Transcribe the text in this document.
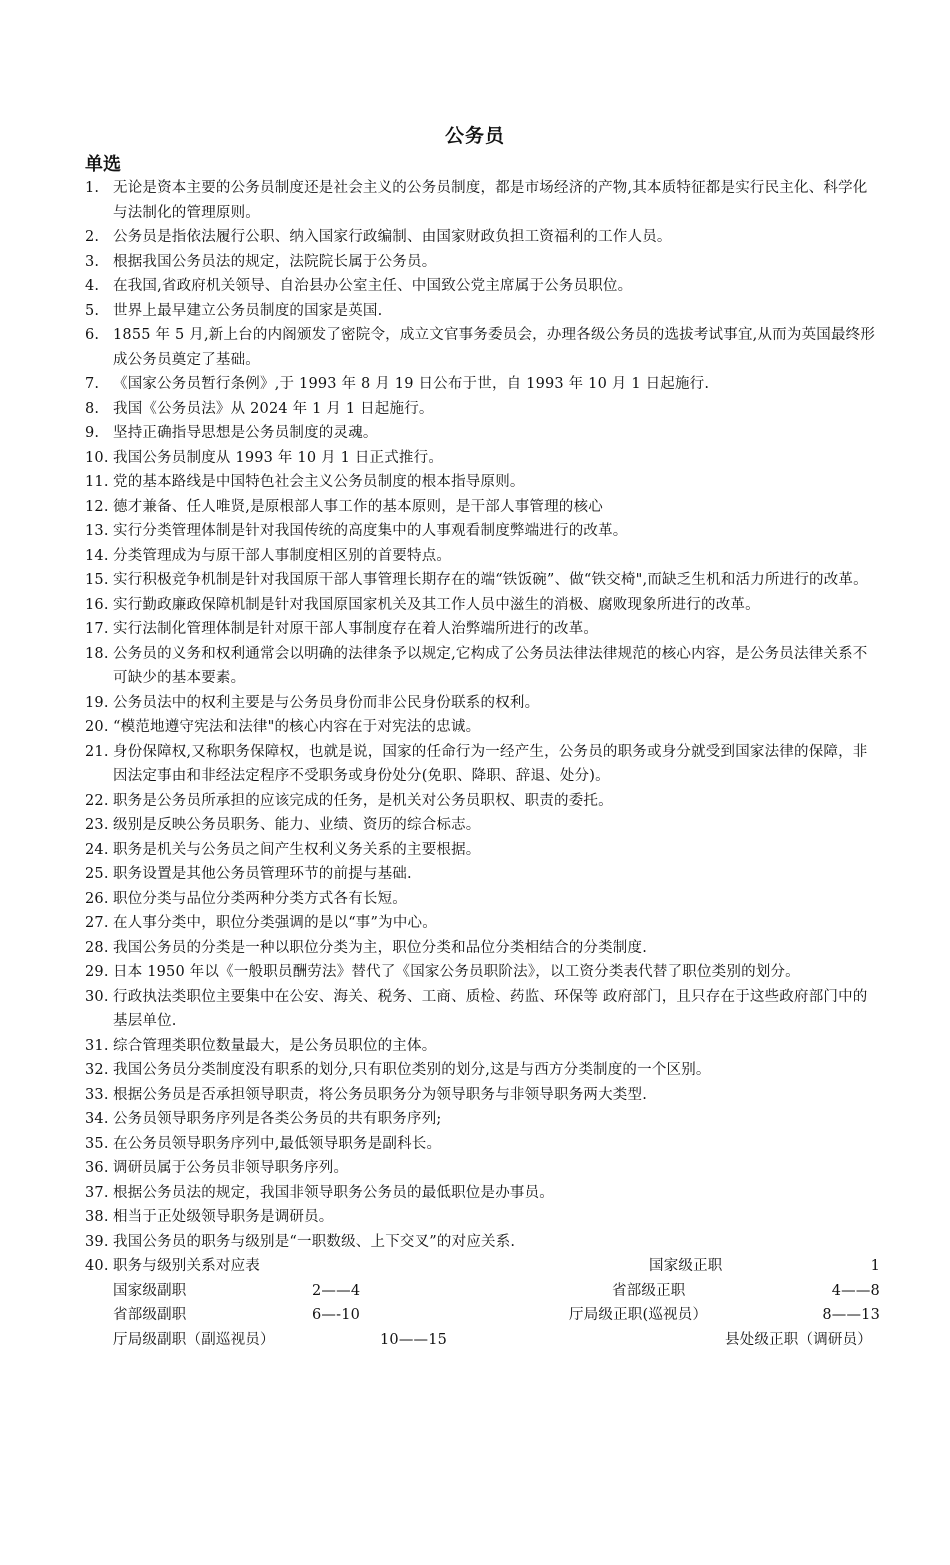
公务员
单选
1. 无论是资本主要的公务员制度还是社会主义的公务员制度，都是市场经济的产物,其本质特征都是实行民主化、科学化与法制化的管理原则。
2. 公务员是指依法履行公职、纳入国家行政编制、由国家财政负担工资福利的工作人员。
3. 根据我国公务员法的规定，法院院长属于公务员。
4. 在我国,省政府机关领导、自治县办公室主任、中国致公党主席属于公务员职位。
5. 世界上最早建立公务员制度的国家是英国.
6. 1855 年 5 月,新上台的内阁颁发了密院令，成立文官事务委员会，办理各级公务员的选拔考试事宜,从而为英国最终形成公务员奠定了基础。
7. 《国家公务员暂行条例》,于 1993 年 8 月 19 日公布于世，自 1993 年 10 月 1 日起施行.
8. 我国《公务员法》从 2024 年 1 月 1 日起施行。
9. 坚持正确指导思想是公务员制度的灵魂。
10. 我国公务员制度从 1993 年 10 月 1 日正式推行。
11. 党的基本路线是中国特色社会主义公务员制度的根本指导原则。
12. 德才兼备、任人唯贤,是原根部人事工作的基本原则，是干部人事管理的核心
13. 实行分类管理体制是针对我国传统的高度集中的人事观看制度弊端进行的改革。
14. 分类管理成为与原干部人事制度相区别的首要特点。
15. 实行积极竞争机制是针对我国原干部人事管理长期存在的端“铁饭碗”、做“铁交椅",而缺乏生机和活力所进行的改革。
16. 实行勤政廉政保障机制是针对我国原国家机关及其工作人员中滋生的消极、腐败现象所进行的改革。
17. 实行法制化管理体制是针对原干部人事制度存在着人治弊端所进行的改革。
18. 公务员的义务和权利通常会以明确的法律条予以规定,它构成了公务员法律法律规范的核心内容，是公务员法律关系不可缺少的基本要素。
19. 公务员法中的权利主要是与公务员身份而非公民身份联系的权利。
20. “模范地遵守宪法和法律"的核心内容在于对宪法的忠诚。
21. 身份保障权,又称职务保障权，也就是说，国家的任命行为一经产生，公务员的职务或身分就受到国家法律的保障，非因法定事由和非经法定程序不受职务或身份处分(免职、降职、辞退、处分)。
22. 职务是公务员所承担的应该完成的任务，是机关对公务员职权、职责的委托。
23. 级别是反映公务员职务、能力、业绩、资历的综合标志。
24. 职务是机关与公务员之间产生权利义务关系的主要根据。
25. 职务设置是其他公务员管理环节的前提与基础.
26. 职位分类与品位分类两种分类方式各有长短。
27. 在人事分类中，职位分类强调的是以“事”为中心。
28. 我国公务员的分类是一种以职位分类为主，职位分类和品位分类相结合的分类制度.
29. 日本 1950 年以《一般职员酬劳法》替代了《国家公务员职阶法》，以工资分类表代替了职位类别的划分。
30. 行政执法类职位主要集中在公安、海关、税务、工商、质检、药监、环保等 政府部门，且只存在于这些政府部门中的基层单位.
31. 综合管理类职位数量最大，是公务员职位的主体。
32. 我国公务员分类制度没有职系的划分,只有职位类别的划分,这是与西方分类制度的一个区别。
33. 根据公务员是否承担领导职责，将公务员职务分为领导职务与非领导职务两大类型.
34. 公务员领导职务序列是各类公务员的共有职务序列;
35. 在公务员领导职务序列中,最低领导职务是副科长。
36. 调研员属于公务员非领导职务序列。
37. 根据公务员法的规定，我国非领导职务公务员的最低职位是办事员。
38. 相当于正处级领导职务是调研员。
39. 我国公务员的职务与级别是“一职数级、上下交叉”的对应关系.
40. 职务与级别关系对应表	国家级正职	1
国家级副职	2——4	省部级正职	4——8
省部级副职	6—-10	厅局级正职(巡视员）	8——13
厅局级副职（副巡视员）	10——15	县处级正职（调研员）
